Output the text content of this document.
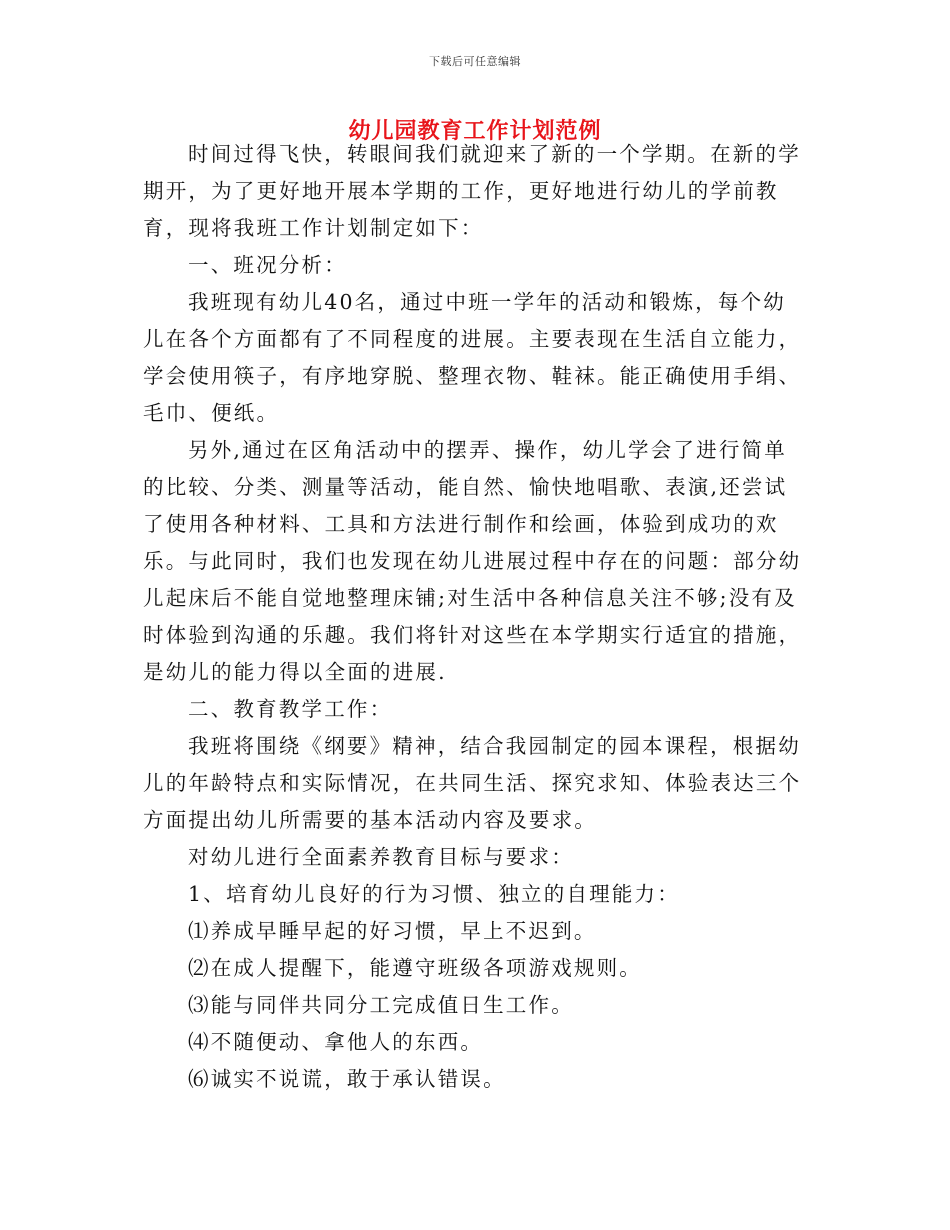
下载后可任意编辑
幼儿园教育工作计划范例

时间过得飞快，转眼间我们就迎来了新的一个学期。在新的学期开，为了更好地开展本学期的工作，更好地进行幼儿的学前教育，现将我班工作计划制定如下：

一、班况分析：

我班现有幼儿40名，通过中班一学年的活动和锻炼，每个幼儿在各个方面都有了不同程度的进展。主要表现在生活自立能力，学会使用筷子，有序地穿脱、整理衣物、鞋袜。能正确使用手绢、毛巾、便纸。

另外,通过在区角活动中的摆弄、操作，幼儿学会了进行简单的比较、分类、测量等活动，能自然、愉快地唱歌、表演,还尝试了使用各种材料、工具和方法进行制作和绘画，体验到成功的欢乐。与此同时，我们也发现在幼儿进展过程中存在的问题：部分幼儿起床后不能自觉地整理床铺;对生活中各种信息关注不够;没有及时体验到沟通的乐趣。我们将针对这些在本学期实行适宜的措施，是幼儿的能力得以全面的进展.

二、教育教学工作：

我班将围绕《纲要》精神，结合我园制定的园本课程，根据幼儿的年龄特点和实际情况，在共同生活、探究求知、体验表达三个方面提出幼儿所需要的基本活动内容及要求。

对幼儿进行全面素养教育目标与要求：

1、培育幼儿良好的行为习惯、独立的自理能力：

⑴养成早睡早起的好习惯，早上不迟到。

⑵在成人提醒下，能遵守班级各项游戏规则。

⑶能与同伴共同分工完成值日生工作。

⑷不随便动、拿他人的东西。

⑹诚实不说谎，敢于承认错误。
